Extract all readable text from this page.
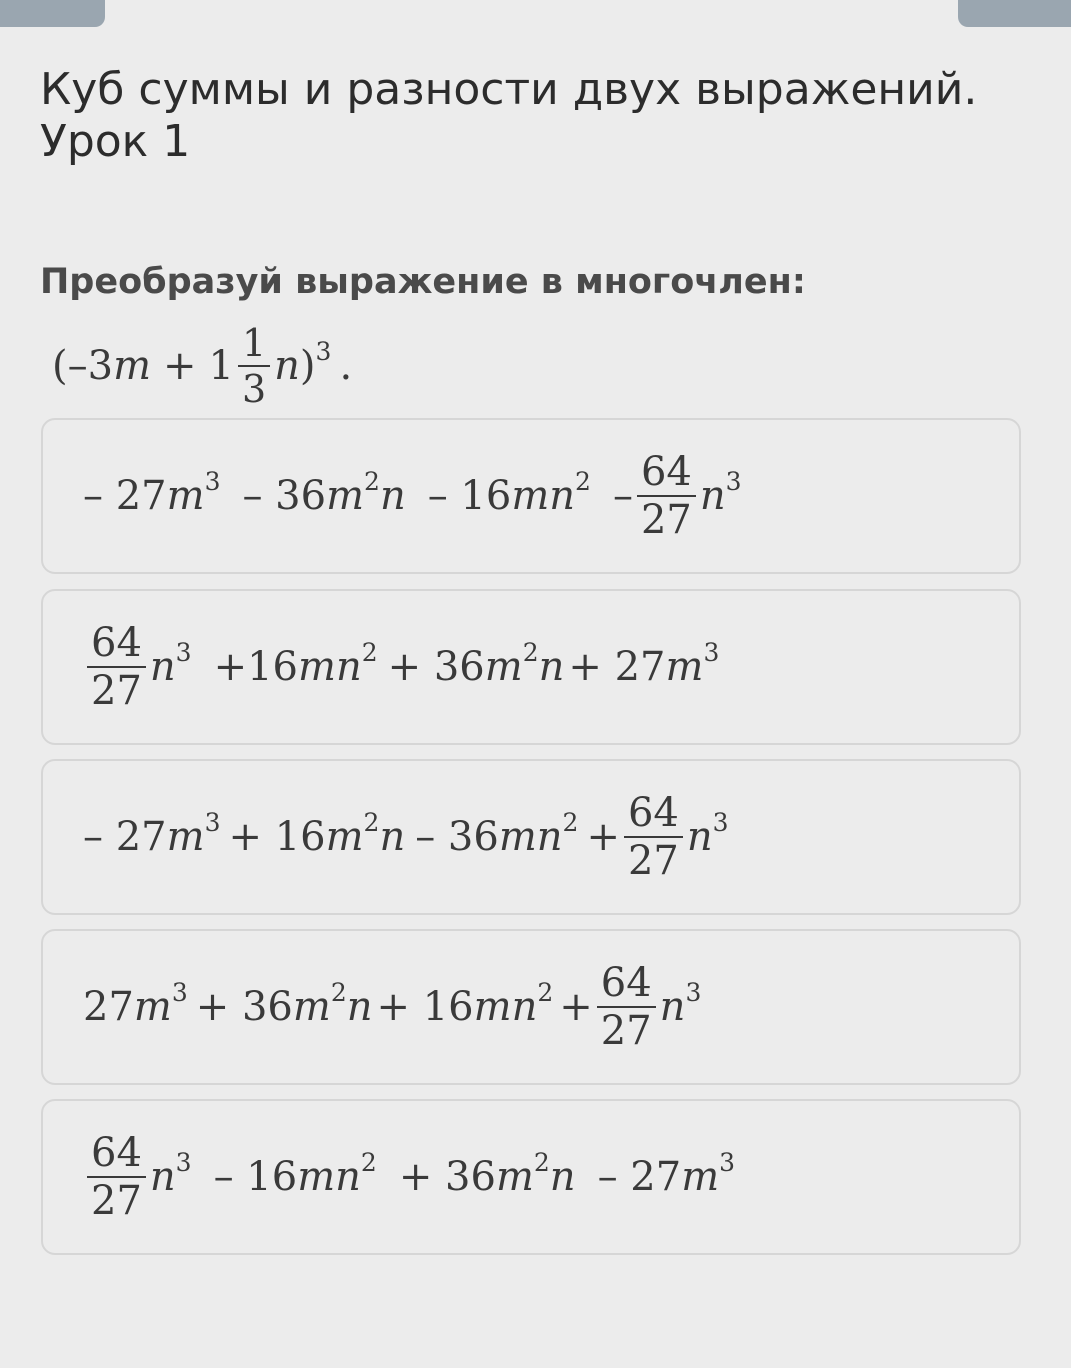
Куб суммы и разности двух выражений. Урок 1

Преобразуй выражение в многочлен:

( – 3 $m + 1 \frac{1}{3}$ n )$^3$ .
– 27 $m^3 - 36$ $m^2$ n – 16 m $n^2 - \frac{64}{27} n^3$
$\frac{64}{27} n^3 +16$ m $n^2 + 36$ $m^2$ n + 27 $m^3$
– 27 $m^3 + 16$ $m^2$ n – 36 m $n^2 + \frac{64}{27} n^3$
27 $m^3 + 36$ $m^2$ n + 16 m $n^2 + \frac{64}{27} n^3$
$\frac{64}{27} n^3 - 16$ m $n^2 + 36$ $m^2$ n – 27 $m^3$
